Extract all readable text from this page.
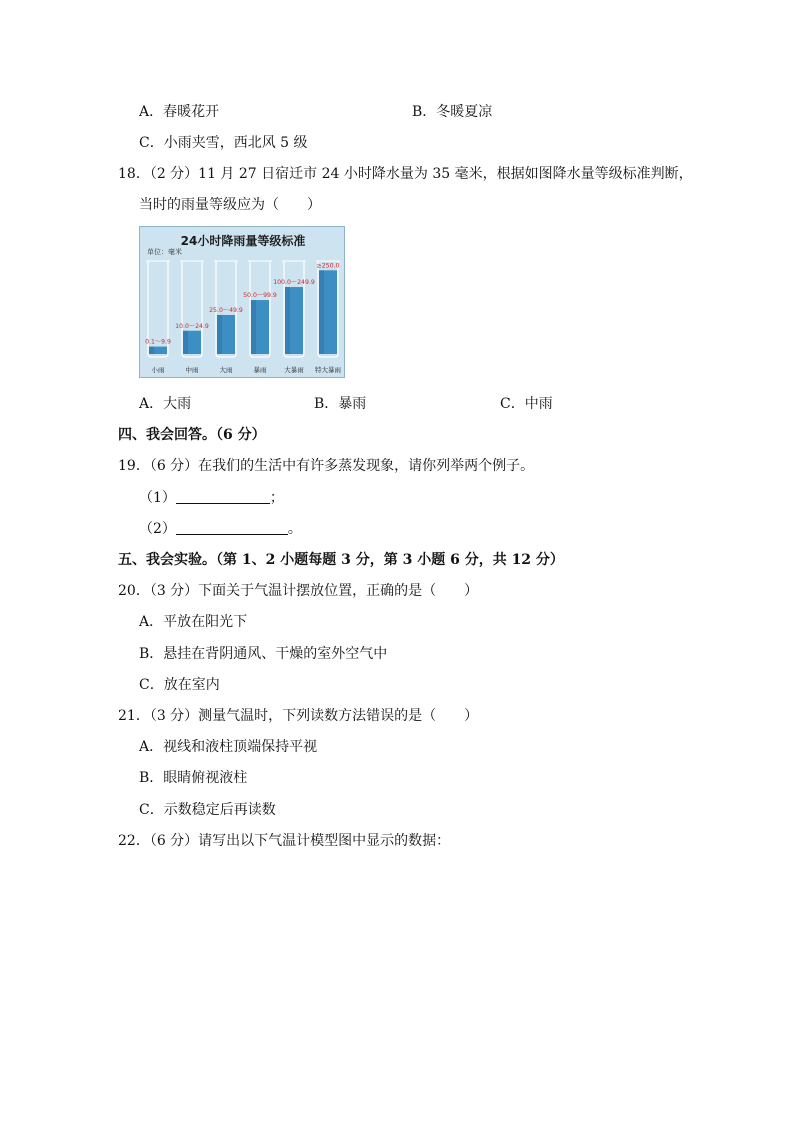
A．春暖花开	B．冬暖夏凉
C．小雨夹雪，西北风 5 级
18．（2 分）11 月 27 日宿迁市 24 小时降水量为 35 毫米，根据如图降水量等级标准判断，
当时的雨量等级应为（　　）
24小时降雨量等级标准
单位：毫米
0.1～9.9
小雨
10.0～24.9
中雨
25.0～49.9
大雨
50.0～99.9
暴雨
100.0～249.9
大暴雨
≥250.0
特大暴雨
A．大雨	B．暴雨	C．中雨
四、我会回答。（6 分）
19．（6 分）在我们的生活中有许多蒸发现象，请你列举两个例子。
（1）	；
（2）	。
五、我会实验。（第 1、2 小题每题 3 分，第 3 小题 6 分，共 12 分）
20．（3 分）下面关于气温计摆放位置，正确的是（　　）
A．平放在阳光下
B．悬挂在背阴通风、干燥的室外空气中
C．放在室内
21．（3 分）测量气温时，下列读数方法错误的是（　　）
A．视线和液柱顶端保持平视
B．眼睛俯视液柱
C．示数稳定后再读数
22．（6 分）请写出以下气温计模型图中显示的数据：
